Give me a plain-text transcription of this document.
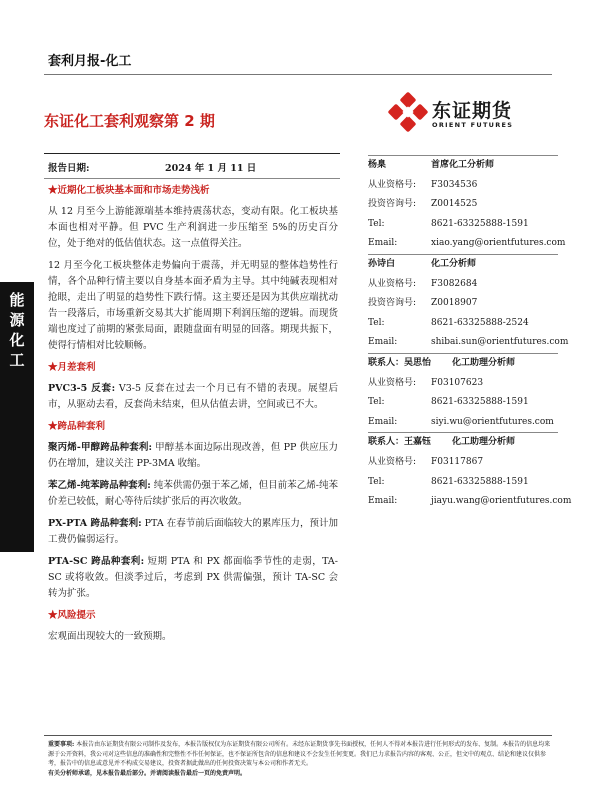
套利月报-化工
东证期货
ORIENT FUTURES
东证化工套利观察第 2 期
报告日期:	2024 年 1 月 11 日
能
源
化
工
★近期化工板块基本面和市场走势浅析
从 12 月至今上游能源端基本维持震荡状态，变动有限。化工板块基本面也相对平静。但 PVC 生产利润进一步压缩至 5%的历史百分位，处于绝对的低估值状态。这一点值得关注。
12 月至今化工板块整体走势偏向于震荡，并无明显的整体趋势性行情，各个品种行情主要以自身基本面矛盾为主导。其中纯碱表现相对抢眼，走出了明显的趋势性下跌行情。这主要还是因为其供应端扰动告一段落后，市场重新交易其大扩能周期下利润压缩的逻辑。而现货端也度过了前期的紧张局面，跟随盘面有明显的回落。期现共振下，使得行情相对比较顺畅。
★月差套利
PVC3-5 反套: V3-5 反套在过去一个月已有不错的表现。展望后市，从驱动去看，反套尚未结束，但从估值去讲，空间或已不大。
★跨品种套利
聚丙烯-甲醇跨品种套利: 甲醇基本面边际出现改善，但 PP 供应压力仍在增加，建议关注 PP-3MA 收缩。
苯乙烯-纯苯跨品种套利: 纯苯供需仍强于苯乙烯，但目前苯乙烯-纯苯价差已较低，耐心等待后续扩张后的再次收敛。
PX-PTA 跨品种套利: PTA 在春节前后面临较大的累库压力，预计加工费仍偏弱运行。
PTA-SC 跨品种套利: 短期 PTA 和 PX 都面临季节性的走弱，TA-SC 或将收敛。但淡季过后，考虑到 PX 供需偏强，预计 TA-SC 会转为扩张。
★风险提示
宏观面出现较大的一致预期。
杨臬	首席化工分析师
从业资格号: F3034536
投资咨询号: Z0014525
Tel:	8621-63325888-1591
Email:	xiao.yang@orientfutures.com
孙诗白	化工分析师
从业资格号: F3082684
投资咨询号: Z0018907
Tel:	8621-63325888-2524
Email:	shibai.sun@orientfutures.com
联系人：吴思怡 化工助理分析师
从业资格号: F03107623
Tel:	8621-63325888-1591
Email:	siyi.wu@orientfutures.com
联系人：王嘉钰 化工助理分析师
从业资格号: F03117867
Tel:	8621-63325888-1591
Email:	jiayu.wang@orientfutures.com
重要事项: 本报告由东证期货有限公司制作及发布，本报告版权仅为东证期货有限公司所有。未经东证期货事先书面授权，任何人不得对本报告进行任何形式的发布、复制。本报告的信息均来源于公开资料，我公司对这些信息的准确性和完整性不作任何保证，也不保证所包含的信息和建议不会发生任何变更。我们已力求报告内容的客观、公正，但文中的观点、结论和建议仅供参考，报告中的信息或意见并不构成交易建议，投资者据此做出的任何投资决策与本公司和作者无关。
有关分析师承诺，见本报告最后部分。并请阅读报告最后一页的免责声明。
